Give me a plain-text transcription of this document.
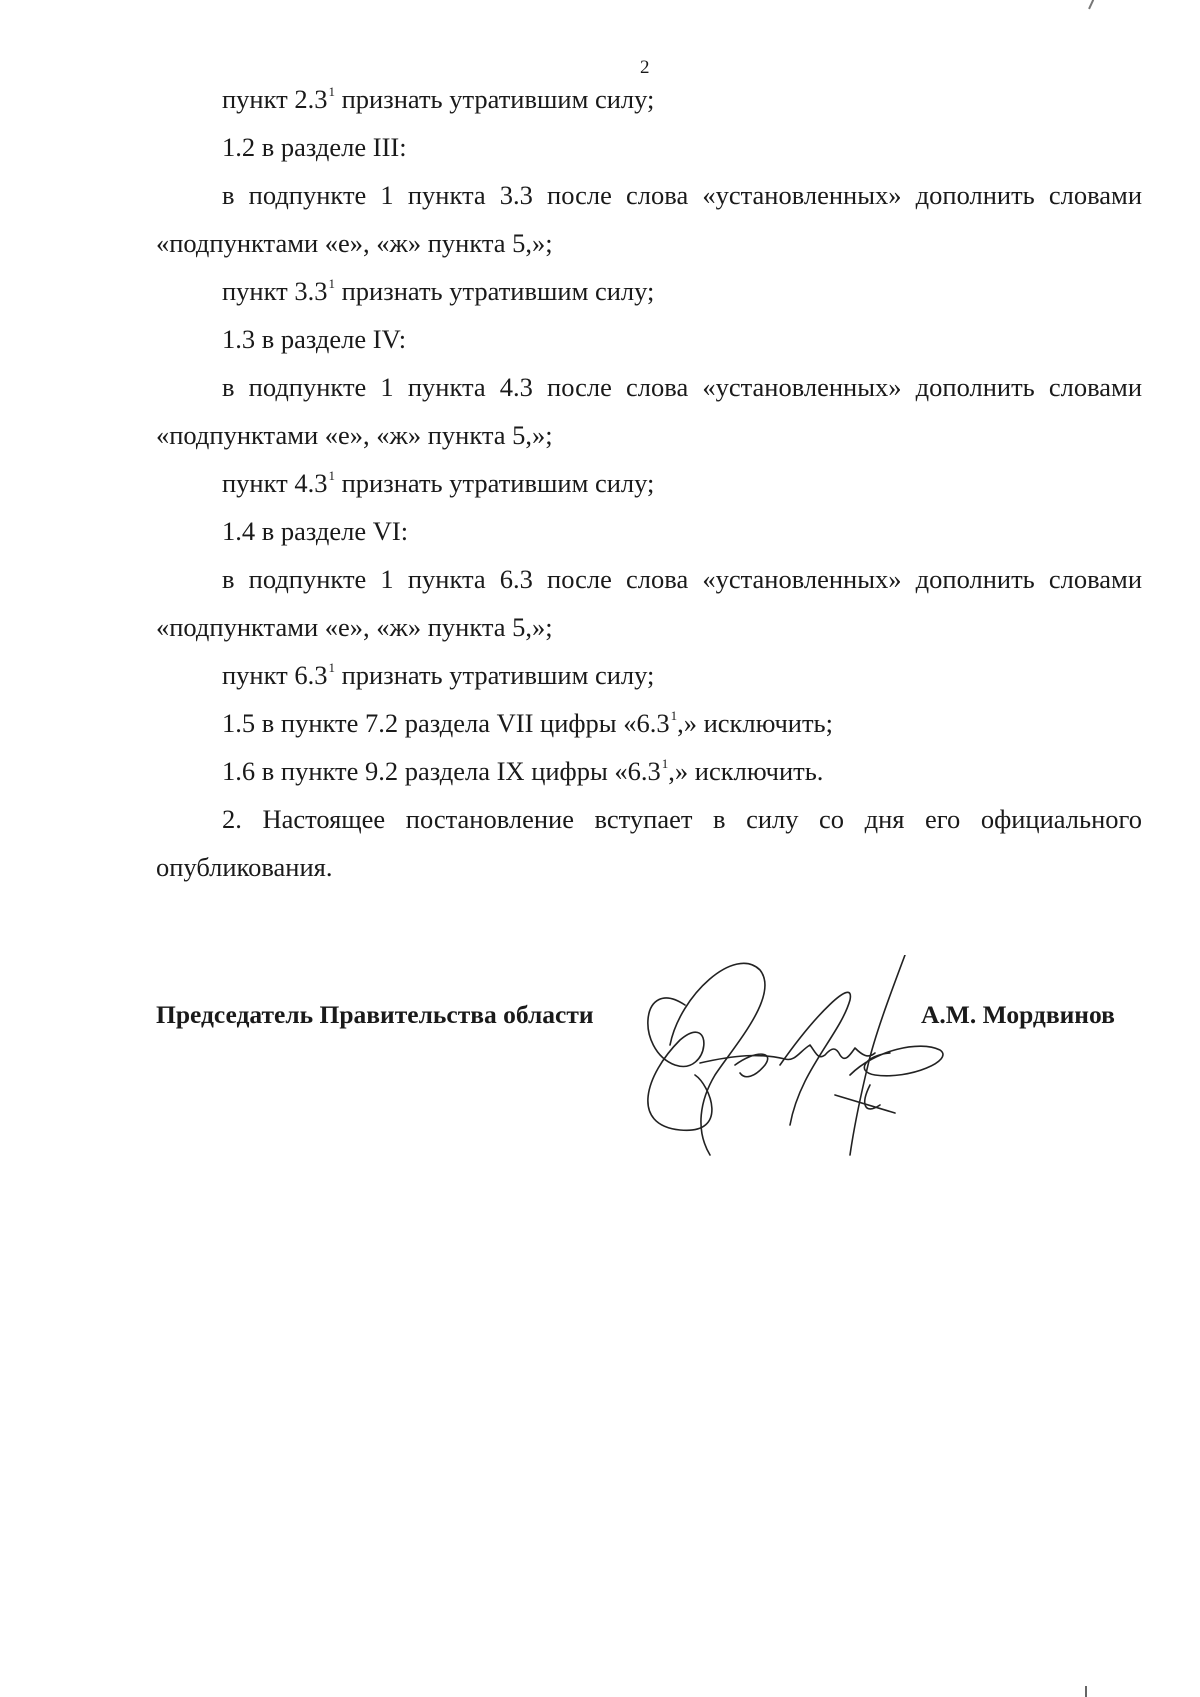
2
пункт $2.3^1$ признать утратившим силу;
1.2 в разделе III:
в подпункте 1 пункта 3.3 после слова «установленных» дополнить словами
«подпунктами «е», «ж» пункта 5,»;
пункт $3.3^1$ признать утратившим силу;
1.3 в разделе IV:
в подпункте 1 пункта 4.3 после слова «установленных» дополнить словами
«подпунктами «е», «ж» пункта 5,»;
пункт $4.3^1$ признать утратившим силу;
1.4 в разделе VI:
в подпункте 1 пункта 6.3 после слова «установленных» дополнить словами
«подпунктами «е», «ж» пункта 5,»;
пункт $6.3^1$ признать утратившим силу;
1.5 в пункте 7.2 раздела VII цифры «$6.3^1$,» исключить;
1.6 в пункте 9.2 раздела IX цифры «$6.3^1$,» исключить.
2. Настоящее постановление вступает в силу со дня его официального
опубликования.
Председатель Правительства области	А.М. Мордвинов
